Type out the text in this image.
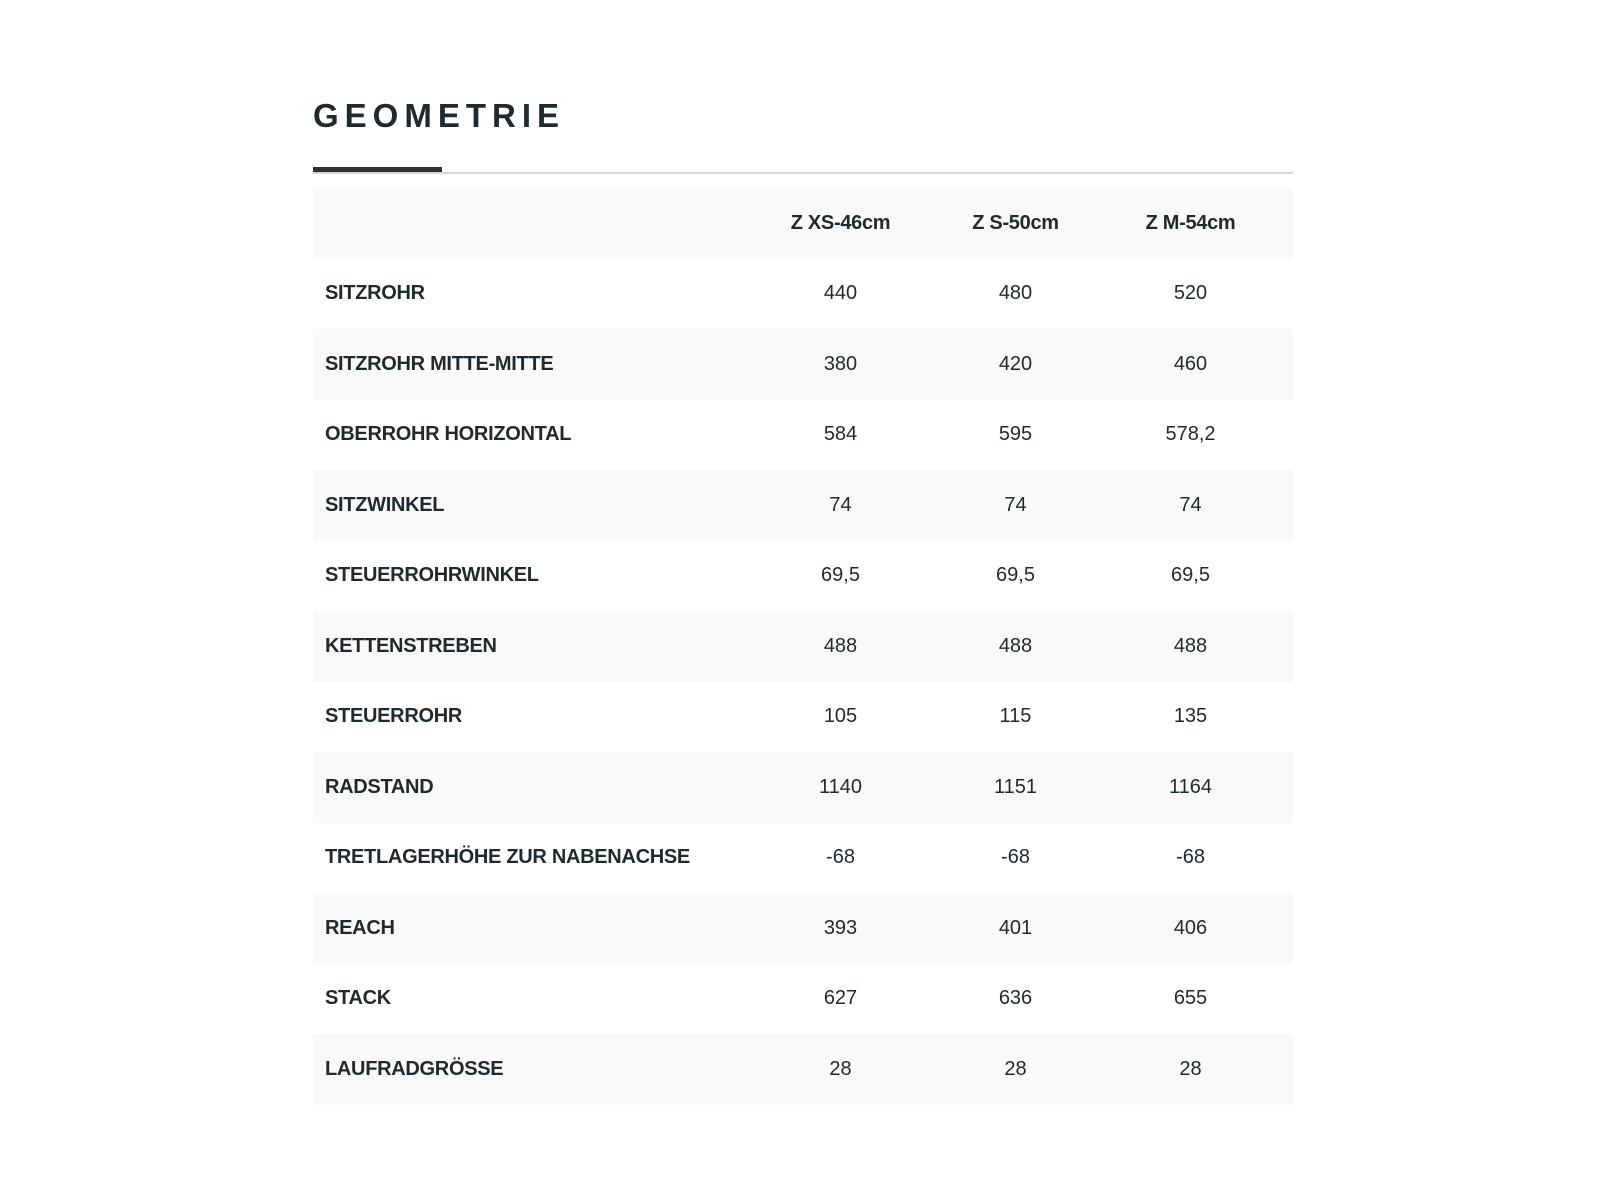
GEOMETRIE
	Z XS-46cm	Z S-50cm	Z M-54cm	
SITZROHR	440	480	520	
SITZROHR MITTE-MITTE	380	420	460	
OBERROHR HORIZONTAL	584	595	578,2	
SITZWINKEL	74	74	74	
STEUERROHRWINKEL	69,5	69,5	69,5	
KETTENSTREBEN	488	488	488	
STEUERROHR	105	115	135	
RADSTAND	1140	1151	1164	
TRETLAGERHÖHE ZUR NABENACHSE	-68	-68	-68	
REACH	393	401	406	
STACK	627	636	655	
LAUFRADGRÖSSE	28	28	28	
